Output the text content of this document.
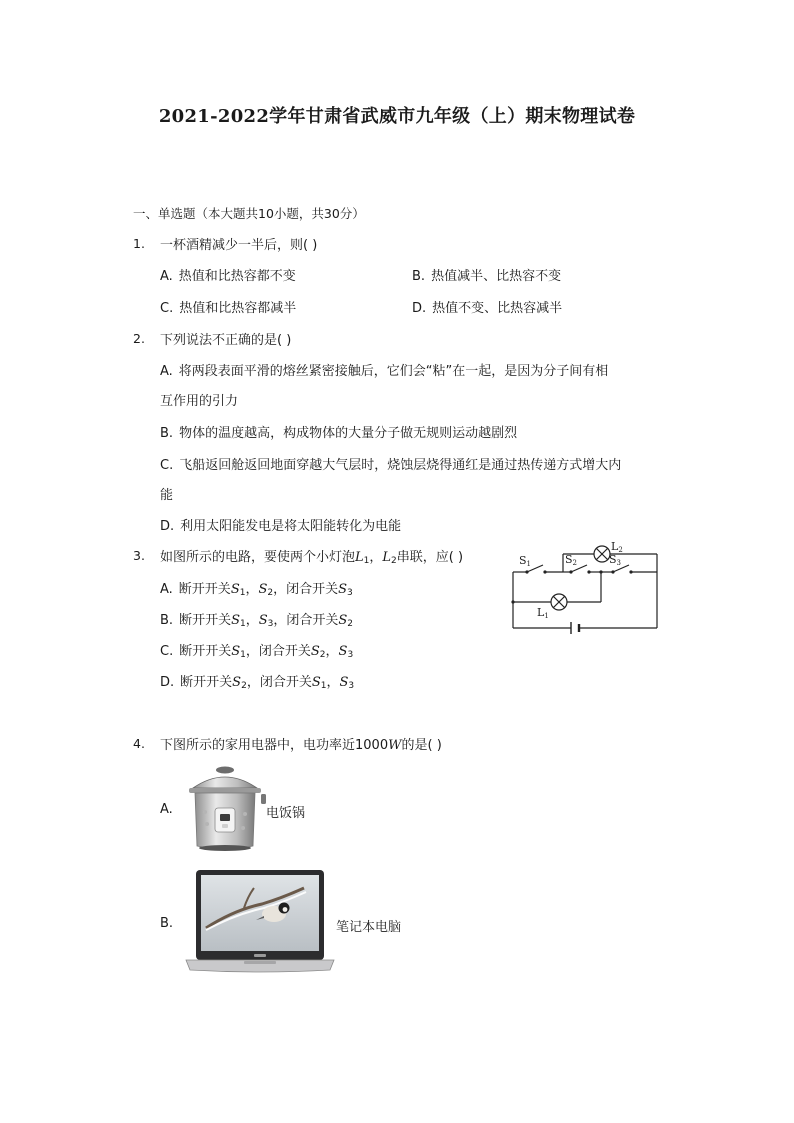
2021-2022学年甘肃省武威市九年级（上）期末物理试卷
一、单选题（本大题共10小题，共30分）
1. 一杯酒精减少一半后，则( )
A. 热值和比热容都不变	B. 热值减半、比热容不变
C. 热值和比热容都减半	D. 热值不变、比热容减半
2. 下列说法不正确的是( )
A. 将两段表面平滑的熔丝紧密接触后，它们会“粘”在一起，是因为分子间有相
互作用的引力
B. 物体的温度越高，构成物体的大量分子做无规则运动越剧烈
C. 飞船返回舱返回地面穿越大气层时，烧蚀层烧得通红是通过热传递方式增大内
能
D. 利用太阳能发电是将太阳能转化为电能
3. 如图所示的电路，要使两个小灯泡$L_1$，$L_2$串联，应( )
A. 断开开关$S_1$，$S_2$，闭合开关$S_3$
B. 断开开关$S_1$，$S_3$，闭合开关$S_2$
C. 断开开关$S_1$，闭合开关$S_2$，$S_3$
D. 断开开关$S_2$，闭合开关$S_1$，$S_3$
S1	S2	S3
L2
L1
4. 下图所示的家用电器中，电功率近1000W的是( )
A.	电饭锅
B.	笔记本电脑
